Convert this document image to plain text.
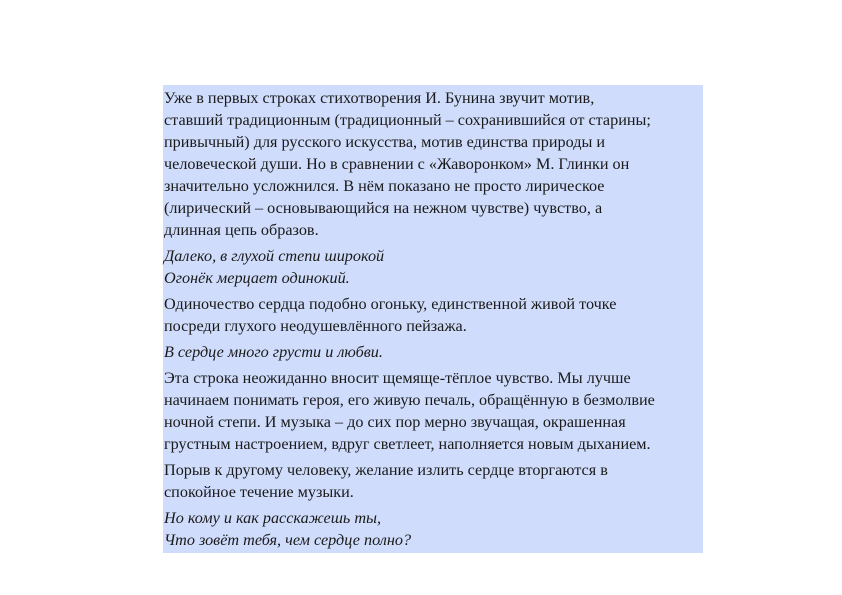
Уже в первых строках стихотворения И. Бунина звучит мотив,
ставший традиционным (традиционный – сохранившийся от старины;
привычный) для русского искусства, мотив единства природы и
человеческой души. Но в сравнении с «Жаворонком» М. Глинки он
значительно усложнился. В нём показано не просто лирическое
(лирический – основывающийся на нежном чувстве) чувство, а
длинная цепь образов.

Далеко, в глухой степи широкой
Огонёк мерцает одинокий.

Одиночество сердца подобно огоньку, единственной живой точке
посреди глухого неодушевлённого пейзажа.

В сердце много грусти и любви.

Эта строка неожиданно вносит щемяще-тёплое чувство. Мы лучше
начинаем понимать героя, его живую печаль, обращённую в безмолвие
ночной степи. И музыка – до сих пор мерно звучащая, окрашенная
грустным настроением, вдруг светлеет, наполняется новым дыханием.

Порыв к другому человеку, желание излить сердце вторгаются в
спокойное течение музыки.

Но кому и как расскажешь ты,
Что зовёт тебя, чем сердце полно?
